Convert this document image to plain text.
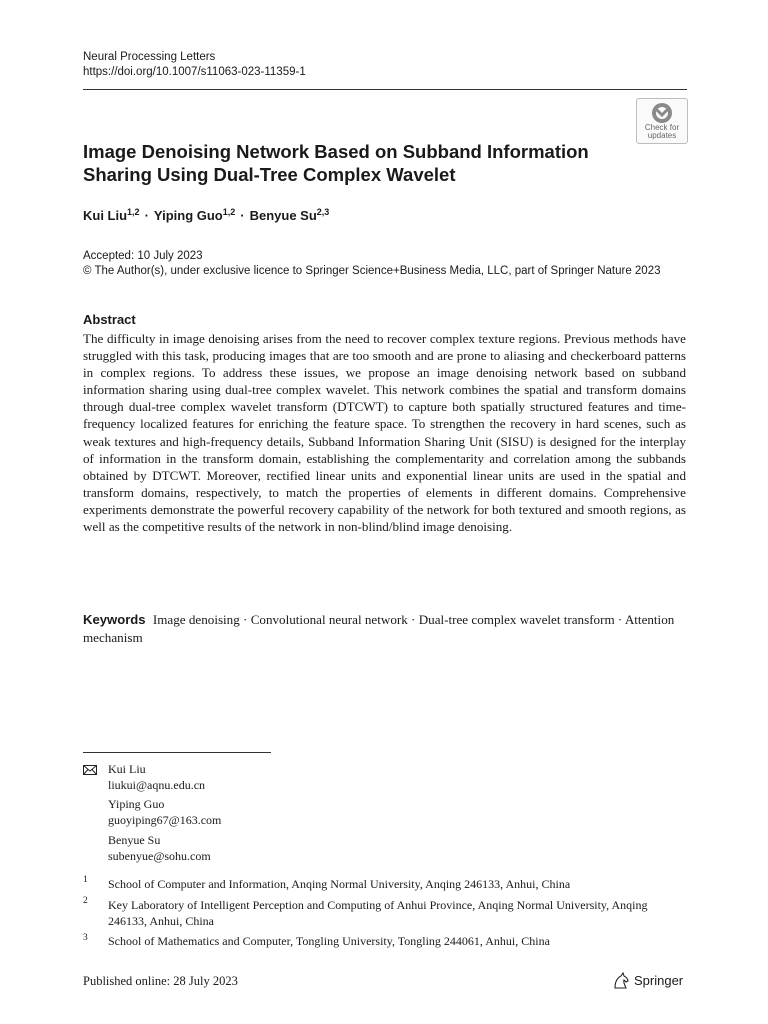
Neural Processing Letters
https://doi.org/10.1007/s11063-023-11359-1
Check for
updates
Image Denoising Network Based on Subband Information
Sharing Using Dual-Tree Complex Wavelet
Kui Liu$^{1,2}$ · Yiping Guo$^{1,2}$ · Benyue Su$^{2,3}$
Accepted: 10 July 2023
© The Author(s), under exclusive licence to Springer Science+Business Media, LLC, part of Springer Nature 2023
Abstract
The difficulty in image denoising arises from the need to recover complex texture regions. Previous methods have struggled with this task, producing images that are too smooth and are prone to aliasing and checkerboard patterns in complex regions. To address these issues, we propose an image denoising network based on subband information sharing using dual-tree complex wavelet. This network combines the spatial and transform domains through dual-tree complex wavelet transform (DTCWT) to capture both spatially structured features and time-frequency localized features for enriching the feature space. To strengthen the recovery in hard scenes, such as weak textures and high-frequency details, Subband Information Sharing Unit (SISU) is designed for the interplay of information in the transform domain, establishing the complementarity and correlation among the subbands obtained by DTCWT. Moreover, rectified linear units and exponential linear units are used in the spatial and transform domains, respectively, to match the properties of elements in different domains. Comprehensive experiments demonstrate the powerful recovery capability of the network for both textured and smooth regions, as well as the competitive results of the network in non-blind/blind image denoising.
Keywords Image denoising · Convolutional neural network · Dual-tree complex wavelet transform · Attention mechanism
Kui Liu
liukui@aqnu.edu.cn
Yiping Guo
guoyiping67@163.com
Benyue Su
subenyue@sohu.com
1 School of Computer and Information, Anqing Normal University, Anqing 246133, Anhui, China
2 Key Laboratory of Intelligent Perception and Computing of Anhui Province, Anqing Normal University, Anqing 246133, Anhui, China
3 School of Mathematics and Computer, Tongling University, Tongling 244061, Anhui, China
Published online: 28 July 2023	Springer
